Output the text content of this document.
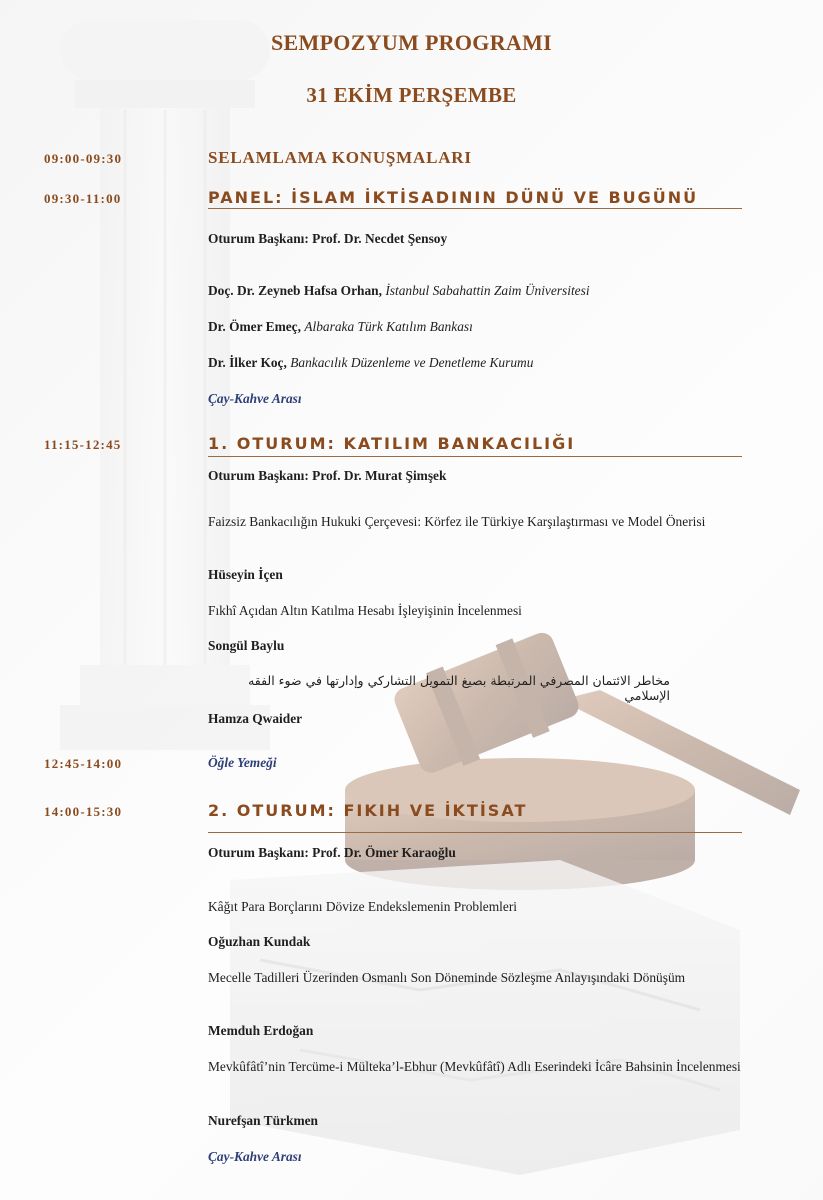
SEMPOZYUM PROGRAMI
31 EKİM PERŞEMBE
09:00-09:30	SELAMLAMA KONUŞMALARI
09:30-11:00	PANEL: İSLAM İKTİSADININ DÜNÜ VE BUGÜNÜ
Oturum Başkanı: Prof. Dr. Necdet Şensoy
Doç. Dr. Zeyneb Hafsa Orhan, İstanbul Sabahattin Zaim Üniversitesi
Dr. Ömer Emeç, Albaraka Türk Katılım Bankası
Dr. İlker Koç, Bankacılık Düzenleme ve Denetleme Kurumu
Çay-Kahve Arası
11:15-12:45	1. OTURUM: KATILIM BANKACILIĞI
Oturum Başkanı: Prof. Dr. Murat Şimşek
Faizsiz Bankacılığın Hukuki Çerçevesi: Körfez ile Türkiye Karşılaştırması ve Model Önerisi
Hüseyin İçen
Fıkhî Açıdan Altın Katılma Hesabı İşleyişinin İncelenmesi
Songül Baylu
مخاطر الائتمان المصرفي المرتبطة بصيغ التمويل التشاركي وإدارتها في ضوء الفقه الإسلامي
Hamza Qwaider
12:45-14:00	Öğle Yemeği
14:00-15:30	2. OTURUM: FIKIH VE İKTİSAT
Oturum Başkanı: Prof. Dr. Ömer Karaoğlu
Kâğıt Para Borçlarını Dövize Endekslemenin Problemleri
Oğuzhan Kundak
Mecelle Tadilleri Üzerinden Osmanlı Son Döneminde Sözleşme Anlayışındaki Dönüşüm
Memduh Erdoğan
Mevkûfâtî’nin Tercüme-i Mülteka’l-Ebhur (Mevkûfâtî) Adlı Eserindeki İcâre Bahsinin İncelenmesi
Nurefşan Türkmen
Çay-Kahve Arası
